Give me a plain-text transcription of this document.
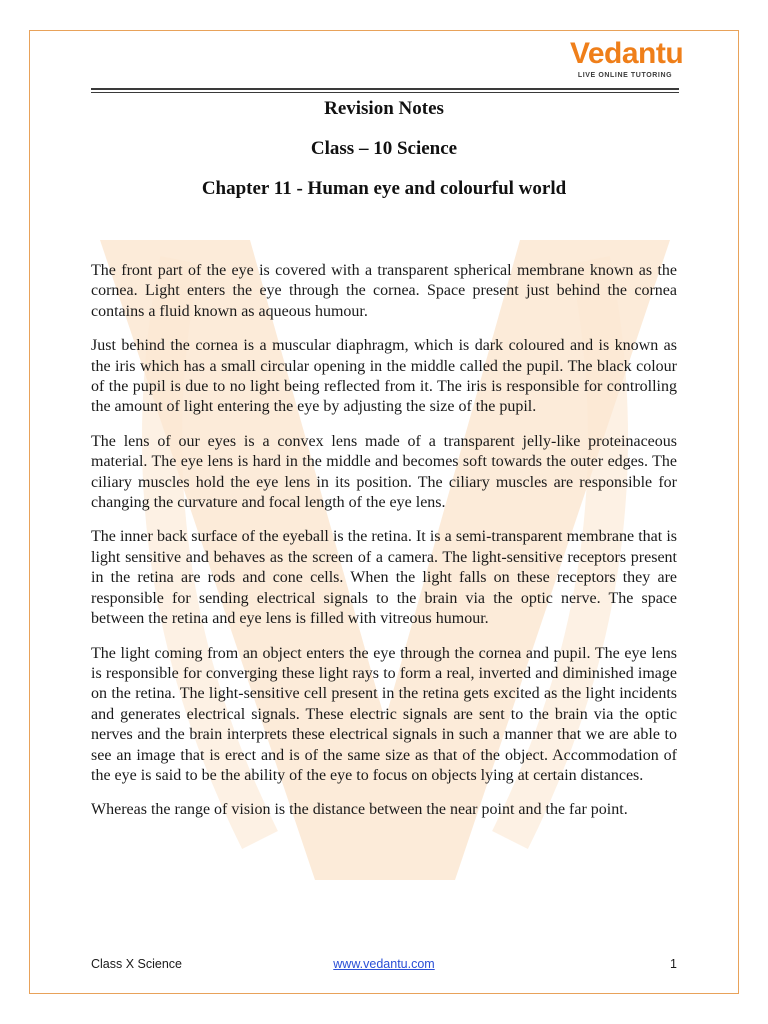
Vedantu
LIVE ONLINE TUTORING
Revision Notes
Class – 10 Science
Chapter 11 - Human eye and colourful world

The front part of the eye is covered with a transparent spherical membrane known as the cornea. Light enters the eye through the cornea. Space present just behind the cornea contains a fluid known as aqueous humour.

Just behind the cornea is a muscular diaphragm, which is dark coloured and is known as the iris which has a small circular opening in the middle called the pupil. The black colour of the pupil is due to no light being reflected from it. The iris is responsible for controlling the amount of light entering the eye by adjusting the size of the pupil.

The lens of our eyes is a convex lens made of a transparent jelly-like proteinaceous material. The eye lens is hard in the middle and becomes soft towards the outer edges. The ciliary muscles hold the eye lens in its position. The ciliary muscles are responsible for changing the curvature and focal length of the eye lens.

The inner back surface of the eyeball is the retina. It is a semi-transparent membrane that is light sensitive and behaves as the screen of a camera. The light-sensitive receptors present in the retina are rods and cone cells. When the light falls on these receptors they are responsible for sending electrical signals to the brain via the optic nerve. The space between the retina and eye lens is filled with vitreous humour.

The light coming from an object enters the eye through the cornea and pupil. The eye lens is responsible for converging these light rays to form a real, inverted and diminished image on the retina. The light-sensitive cell present in the retina gets excited as the light incidents and generates electrical signals. These electric signals are sent to the brain via the optic nerves and the brain interprets these electrical signals in such a manner that we are able to see an image that is erect and is of the same size as that of the object. Accommodation of the eye is said to be the ability of the eye to focus on objects lying at certain distances.

Whereas the range of vision is the distance between the near point and the far point.

Class X Science	www.vedantu.com	1
